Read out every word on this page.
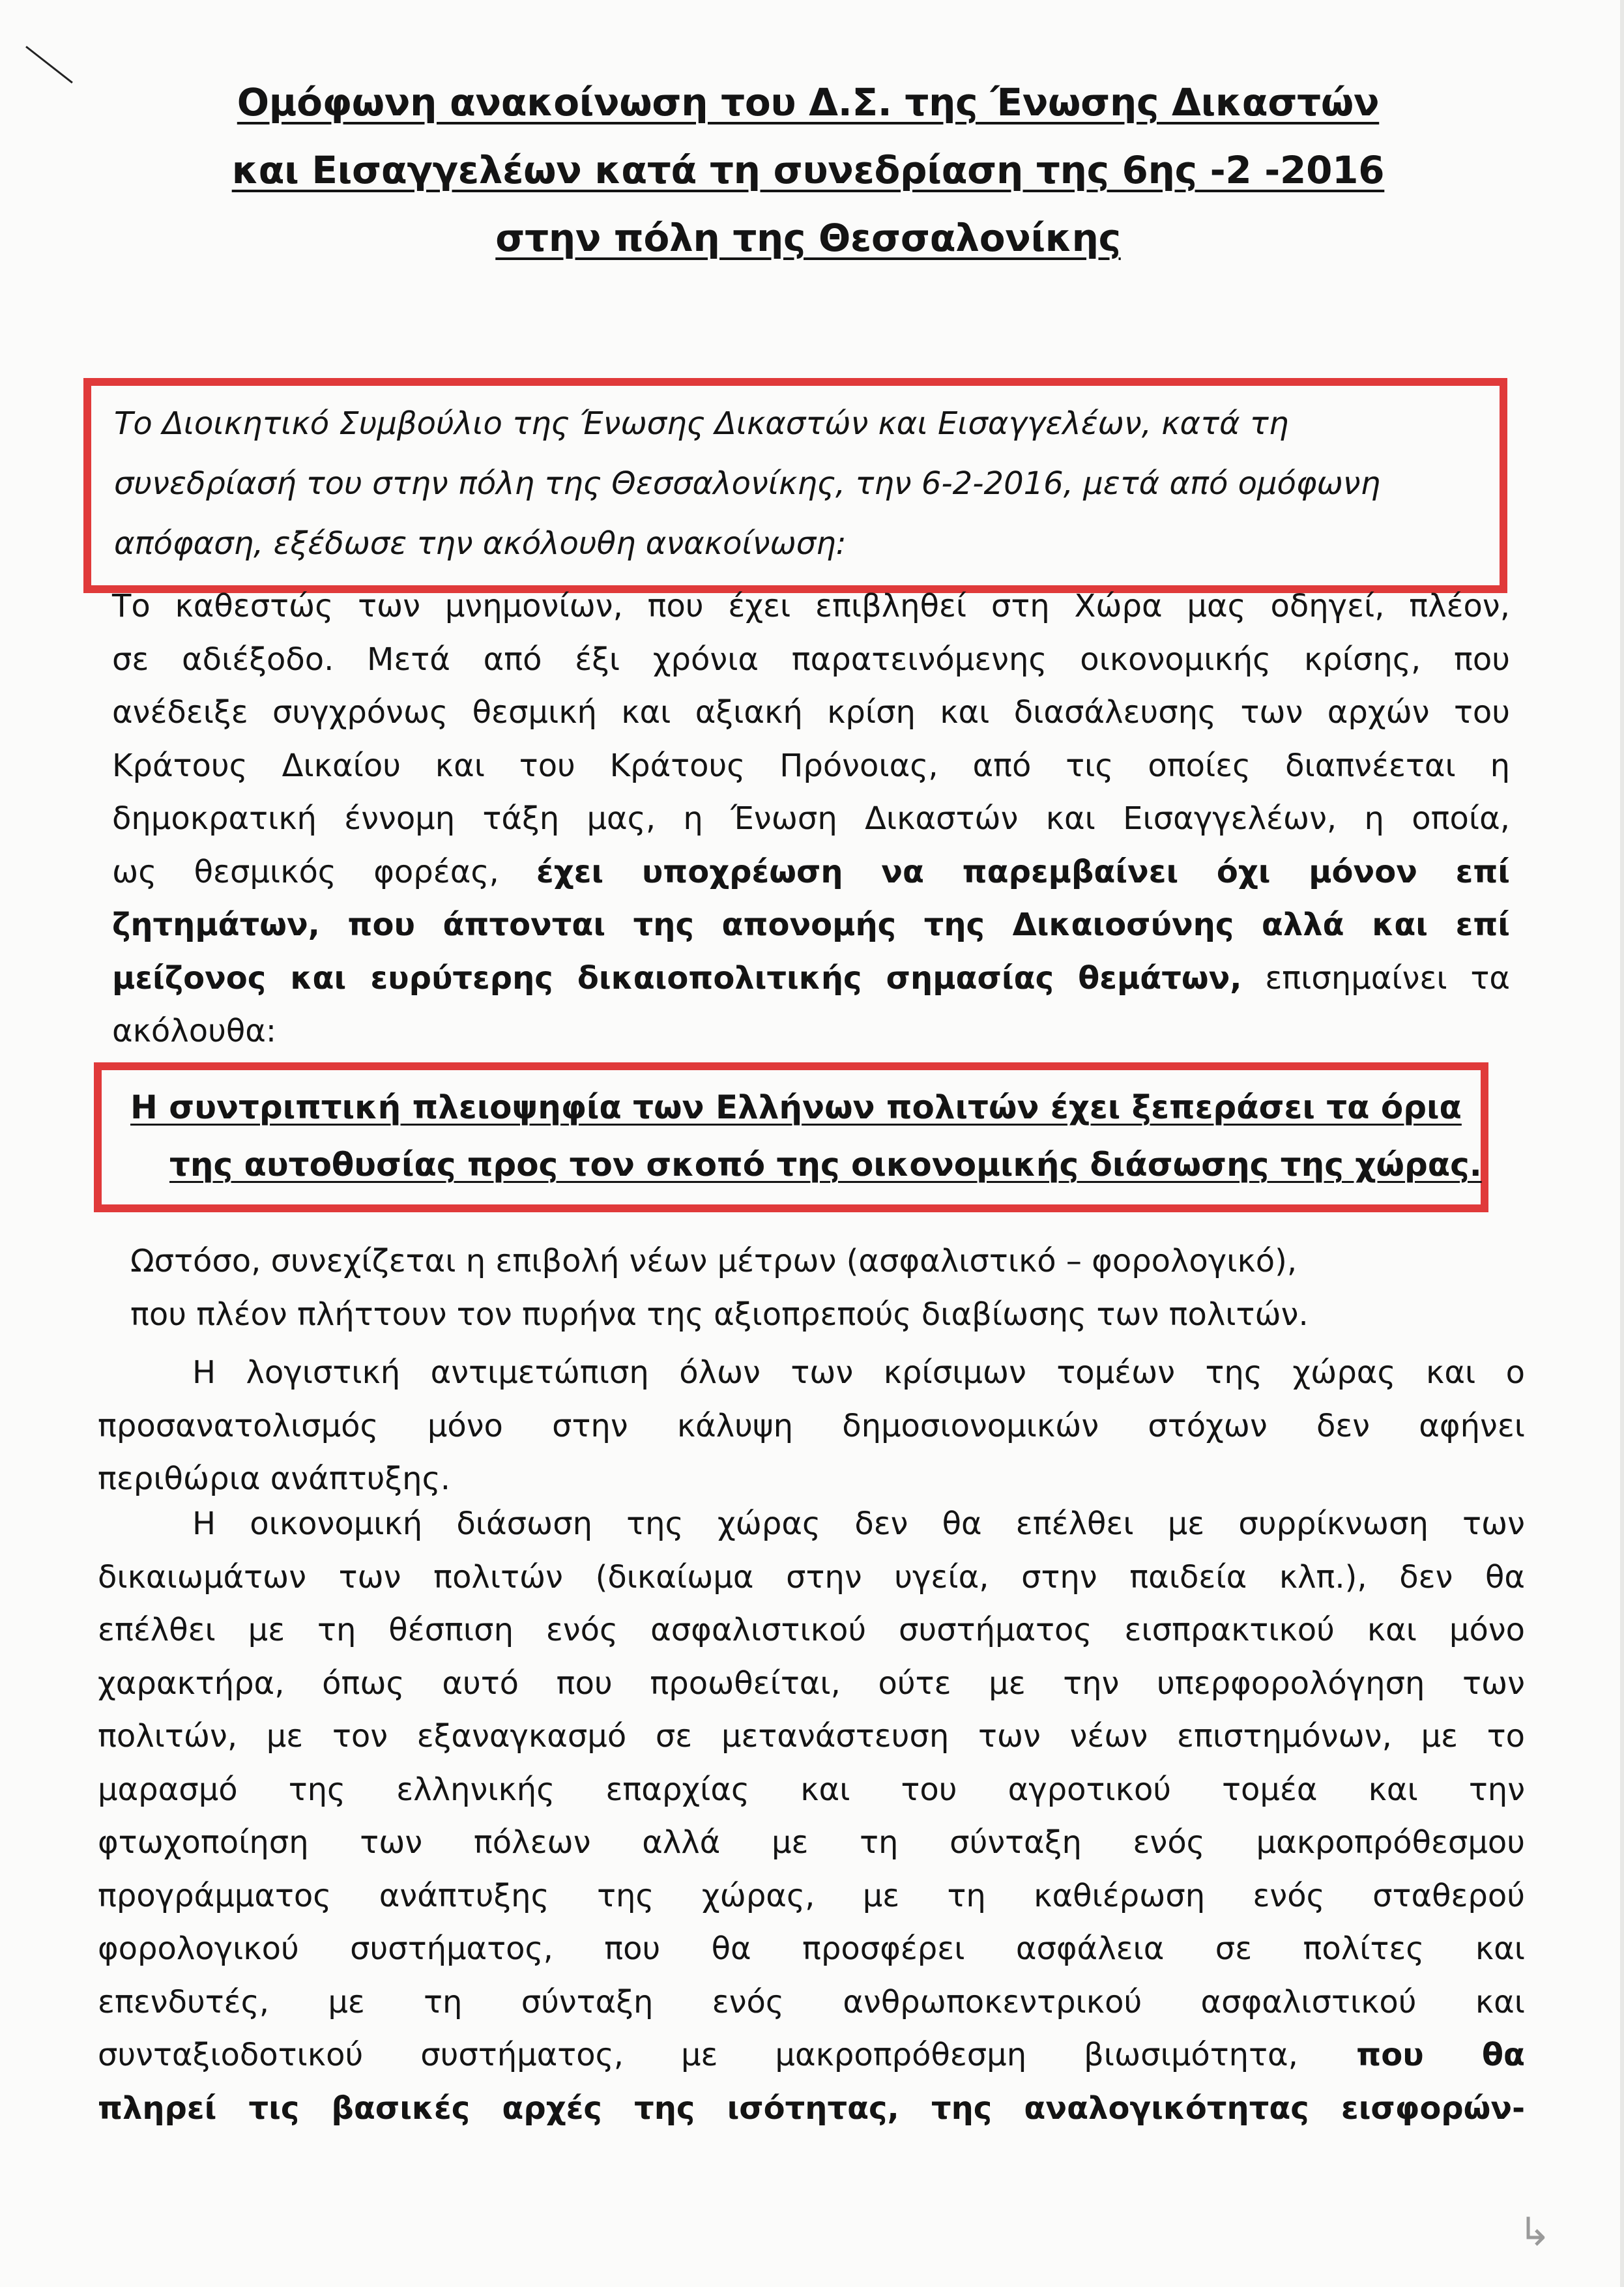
Ομόφωνη ανακοίνωση του Δ.Σ. της Ένωσης Δικαστών
και Εισαγγελέων κατά τη συνεδρίαση της 6ης -2 -2016
στην πόλη της Θεσσαλονίκης
Το Διοικητικό Συμβούλιο της Ένωσης Δικαστών και Εισαγγελέων, κατά τη
συνεδρίασή του στην πόλη της Θεσσαλονίκης, την 6-2-2016, μετά από ομόφωνη
απόφαση, εξέδωσε την ακόλουθη ανακοίνωση:
Το καθεστώς των μνημονίων, που έχει επιβληθεί στη Χώρα μας οδηγεί, πλέον,
σε αδιέξοδο. Μετά από έξι χρόνια παρατεινόμενης οικονομικής κρίσης, που
ανέδειξε συγχρόνως θεσμική και αξιακή κρίση και διασάλευσης των αρχών του
Κράτους Δικαίου και του Κράτους Πρόνοιας, από τις οποίες διαπνέεται η
δημοκρατική έννομη τάξη μας, η Ένωση Δικαστών και Εισαγγελέων, η οποία,
ως θεσμικός φορέας, έχει υποχρέωση να παρεμβαίνει όχι μόνον επί
ζητημάτων, που άπτονται της απονομής της Δικαιοσύνης αλλά και επί
μείζονος και ευρύτερης δικαιοπολιτικής σημασίας θεμάτων, επισημαίνει τα
ακόλουθα:
Η συντριπτική πλειοψηφία των Ελλήνων πολιτών έχει ξεπεράσει τα όρια
της αυτοθυσίας προς τον σκοπό της οικονομικής διάσωσης της χώρας.
Ωστόσο, συνεχίζεται η επιβολή νέων μέτρων (ασφαλιστικό – φορολογικό),
που πλέον πλήττουν τον πυρήνα της αξιοπρεπούς διαβίωσης των πολιτών.
Η λογιστική αντιμετώπιση όλων των κρίσιμων τομέων της χώρας και ο
προσανατολισμός μόνο στην κάλυψη δημοσιονομικών στόχων δεν αφήνει
περιθώρια ανάπτυξης.
Η οικονομική διάσωση της χώρας δεν θα επέλθει με συρρίκνωση των
δικαιωμάτων των πολιτών (δικαίωμα στην υγεία, στην παιδεία κλπ.), δεν θα
επέλθει με τη θέσπιση ενός ασφαλιστικού συστήματος εισπρακτικού και μόνο
χαρακτήρα, όπως αυτό που προωθείται, ούτε με την υπερφορολόγηση των
πολιτών, με τον εξαναγκασμό σε μετανάστευση των νέων επιστημόνων, με το
μαρασμό της ελληνικής επαρχίας και του αγροτικού τομέα και την
φτωχοποίηση των πόλεων αλλά με τη σύνταξη ενός μακροπρόθεσμου
προγράμματος ανάπτυξης της χώρας, με τη καθιέρωση ενός σταθερού
φορολογικού συστήματος, που θα προσφέρει ασφάλεια σε πολίτες και
επενδυτές, με τη σύνταξη ενός ανθρωποκεντρικού ασφαλιστικού και
συνταξιοδοτικού συστήματος, με μακροπρόθεσμη βιωσιμότητα, που θα
πληρεί τις βασικές αρχές της ισότητας, της αναλογικότητας εισφορών-
↳
